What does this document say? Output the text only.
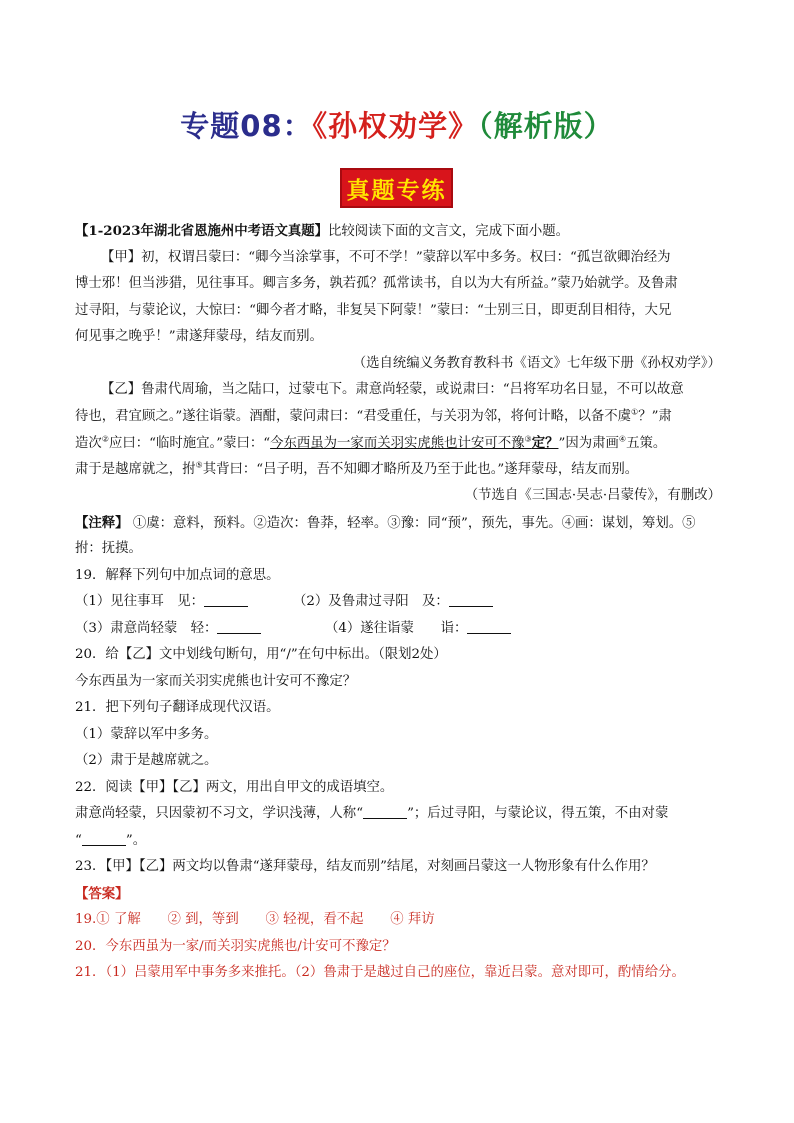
专题08：《孙权劝学》（解析版）
真题专练
【1-2023年湖北省恩施州中考语文真题】比较阅读下面的文言文，完成下面小题。
【甲】初，权谓吕蒙曰：“卿今当涂掌事，不可不学！”蒙辞以军中多务。权曰：“孤岂欲卿治经为
博士邪！但当涉猎，见往事耳。卿言多务，孰若孤？孤常读书，自以为大有所益。”蒙乃始就学。及鲁肃
过寻阳，与蒙论议，大惊曰：“卿今者才略，非复吴下阿蒙！”蒙曰：“士别三日，即更刮目相待，大兄
何见事之晚乎！”肃遂拜蒙母，结友而别。
（选自统编义务教育教科书《语文》七年级下册《孙权劝学》）
【乙】鲁肃代周瑜，当之陆口，过蒙屯下。肃意尚轻蒙，或说肃曰：“吕将军功名日显，不可以故意
待也，君宜顾之。”遂往诣蒙。酒酣，蒙问肃曰：“君受重任，与关羽为邻，将何计略，以备不虞①？”肃
造次②应曰：“临时施宜。”蒙曰：“今东西虽为一家而关羽实虎熊也计安可不豫③定？”因为肃画④五策。
肃于是越席就之，拊⑤其背曰：“吕子明，吾不知卿才略所及乃至于此也。”遂拜蒙母，结友而别。
（节选自《三国志·吴志·吕蒙传》，有删改）
【注释】 ①虞：意料，预料。②造次：鲁莽，轻率。③豫：同“预”，预先，事先。④画：谋划，筹划。⑤
拊：抚摸。
19．解释下列句中加点词的意思。
（1）见往事耳　见：	（2）及鲁肃过寻阳　及：
（3）肃意尚轻蒙　轻：	（4）遂往诣蒙　　诣：
20．给【乙】文中划线句断句，用“/”在句中标出。（限划2处）
今东西虽为一家而关羽实虎熊也计安可不豫定？
21．把下列句子翻译成现代汉语。
（1）蒙辞以军中多务。
（2）肃于是越席就之。
22．阅读【甲】【乙】两文，用出自甲文的成语填空。
肃意尚轻蒙，只因蒙初不习文，学识浅薄，人称“	”；后过寻阳，与蒙论议，得五策，不由对蒙
“	”。
23．【甲】【乙】两文均以鲁肃“遂拜蒙母，结友而别”结尾，对刻画吕蒙这一人物形象有什么作用？
【答案】
19.① 了解　　② 到，等到　　③ 轻视，看不起　　④ 拜访
20．今东西虽为一家/而关羽实虎熊也/计安可不豫定？
21．（1）吕蒙用军中事务多来推托。（2）鲁肃于是越过自己的座位，靠近吕蒙。意对即可，酌情给分。
